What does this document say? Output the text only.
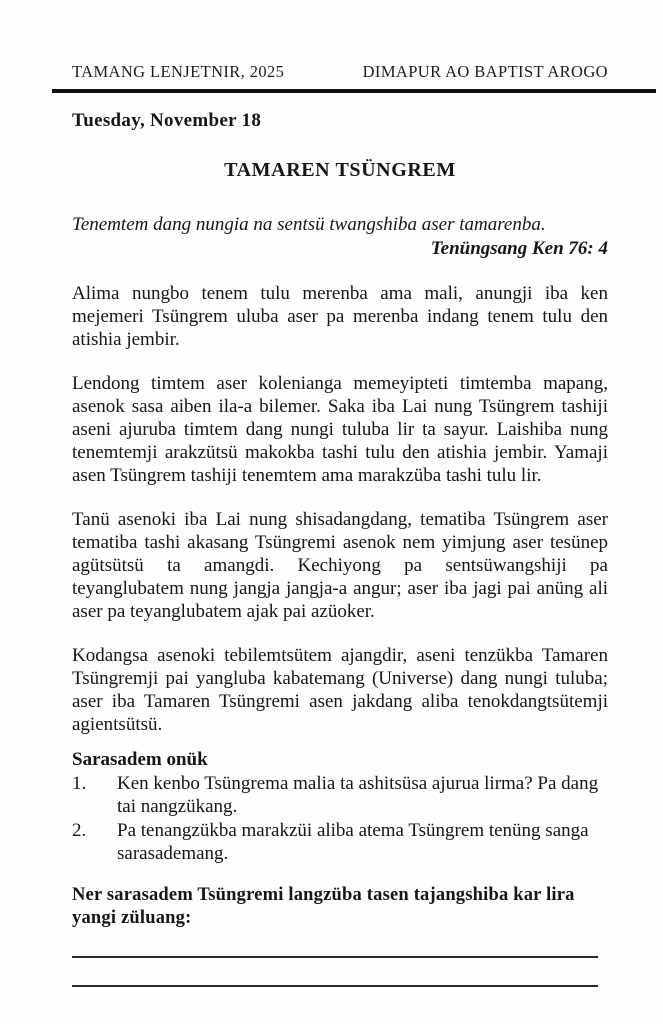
TAMANG LENJETNIR, 2025	DIMAPUR AO BAPTIST AROGO
Tuesday, November 18
TAMAREN TSÜNGREM
Tenemtem dang nungia na sentsü twangshiba aser tamarenba.
Tenüngsang Ken 76: 4

Alima nungbo tenem tulu merenba ama mali, anungji iba ken mejemeri Tsüngrem uluba aser pa merenba indang tenem tulu den atishia jembir.

Lendong timtem aser kolenianga memeyipteti timtemba mapang, asenok sasa aiben ila-a bilemer. Saka iba Lai nung Tsüngrem tashiji aseni ajuruba timtem dang nungi tuluba lir ta sayur. Laishiba nung tenemtemji arakzütsü makokba tashi tulu den atishia jembir. Yamaji asen Tsüngrem tashiji tenemtem ama marakzüba tashi tulu lir.

Tanü asenoki iba Lai nung shisadangdang, tematiba Tsüngrem aser tematiba tashi akasang Tsüngremi asenok nem yimjung aser tesünep agütsütsü ta amangdi. Kechiyong pa sentsüwangshiji pa teyanglubatem nung jangja jangja-a angur; aser iba jagi pai anüng ali aser pa teyanglubatem ajak pai azüoker.

Kodangsa asenoki tebilemtsütem ajangdir, aseni tenzükba Tamaren Tsüngremji pai yangluba kabatemang (Universe) dang nungi tuluba; aser iba Tamaren Tsüngremi asen jakdang aliba tenokdangtsütemji agientsütsü.

Sarasadem onük
1.	Ken kenbo Tsüngrema malia ta ashitsüsa ajurua lirma? Pa dang tai nangzükang.
2.	Pa tenangzükba marakzüi aliba atema Tsüngrem tenüng sanga sarasademang.
Ner sarasadem Tsüngremi langzüba tasen tajangshiba kar lira yangi züluang:
